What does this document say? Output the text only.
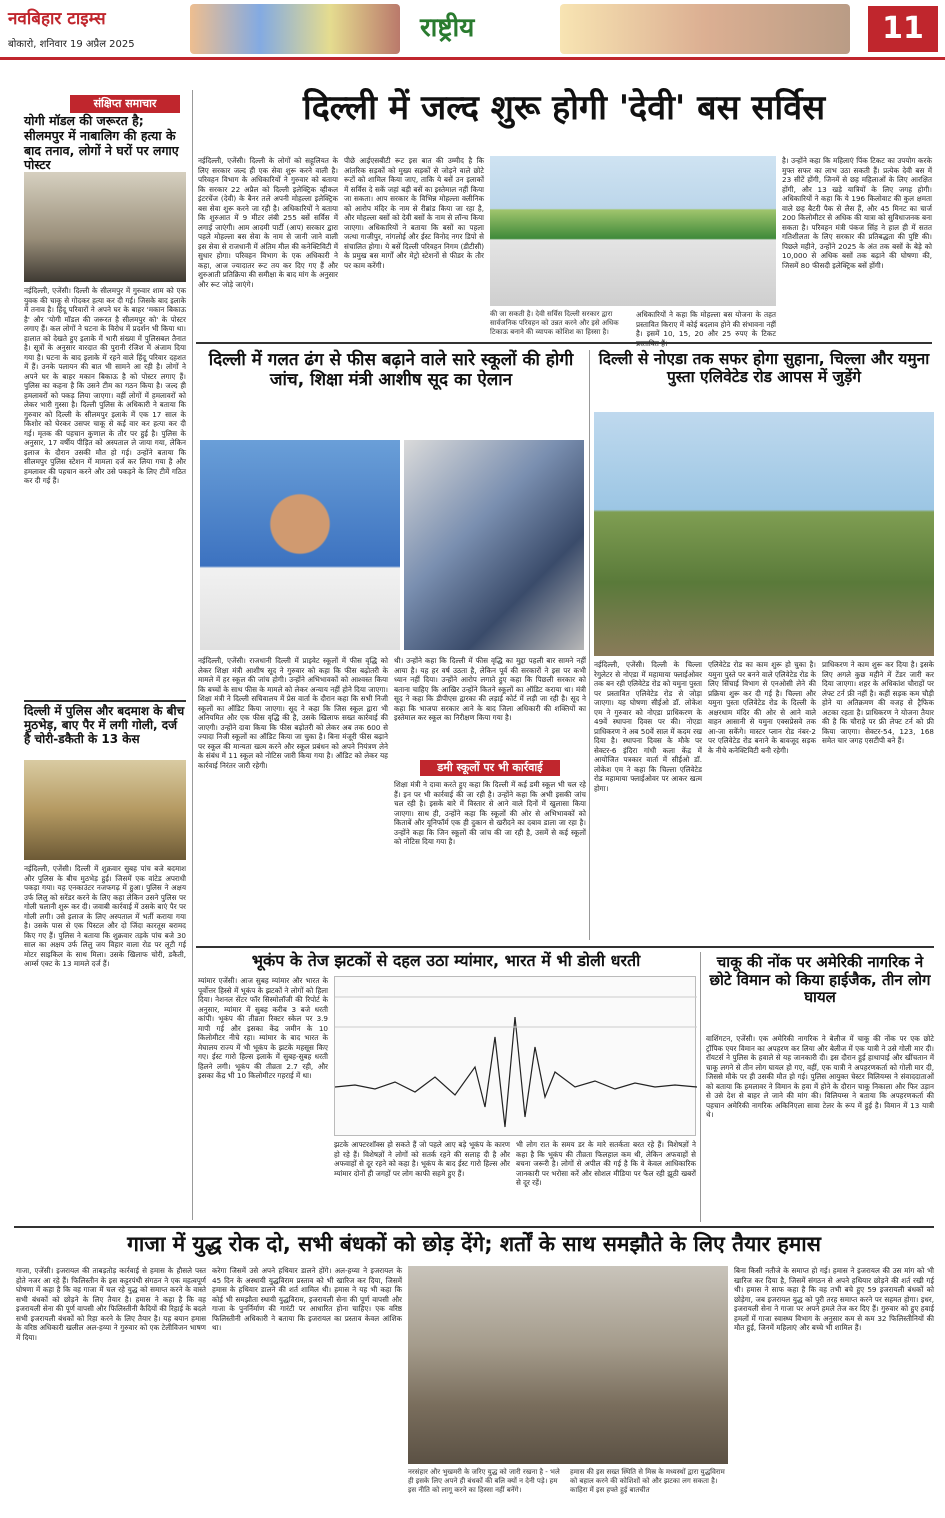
नवबिहार टाइम्स
बोकारो, शनिवार 19 अप्रैल 2025
राष्ट्रीय	11
संक्षिप्त समाचार
योगी मॉडल की जरूरत है; सीलमपुर में नाबालिग की हत्या के बाद तनाव, लोगों ने घरों पर लगाए पोस्टर
नईदिल्ली, एजेंसी। दिल्ली के सीलमपुर में गुरुवार शाम को एक युवक की चाकू से गोदकर हत्या कर दी गई। जिसके बाद इलाके में तनाव है। हिंदू परिवारों ने अपने घर के बाहर 'मकान बिकाऊ है' और 'योगी मॉडल की जरूरत है सीलमपुर को' के पोस्टर लगाए हैं। कल लोगों ने घटना के विरोध में प्रदर्शन भी किया था। हालात को देखते हुए इलाके में भारी संख्या में पुलिसबल तैनात है। सूत्रों के अनुसार वारदात की पुरानी रंजिश में अंजाम दिया गया है। घटना के बाद इलाके में रहने वाले हिंदू परिवार दहशत में हैं। उनके पलायन की बात भी सामने आ रही है। लोगों ने अपने घर के बाहर मकान बिकाऊ है को पोस्टर लगाए हैं। पुलिस का कहना है कि उसने टीम का गठन किया है। जल्द ही हमलावरों को पकड़ लिया जाएगा। वहीं लोगों में हमलावरों को लेकर भारी गुस्सा है। दिल्ली पुलिस के अधिकारी ने बताया कि गुरुवार को दिल्ली के सीलमपुर इलाके में एक 17 साल के किशोर को घेरकर उसपर चाकू से कई वार कर हत्या कर दी गई। मृतक की पहचान कुणाल के तौर पर हुई है। पुलिस के अनुसार, 17 वर्षीय पीड़ित को अस्पताल ले जाया गया, लेकिन इलाज के दौरान उसकी मौत हो गई। उन्होंने बताया कि सीलमपुर पुलिस स्टेशन में मामला दर्ज कर लिया गया है और हमलावर की पहचान करने और उसे पकड़ने के लिए टीमें गठित कर दी गई हैं।
दिल्ली में पुलिस और बदमाश के बीच मुठभेड़, बाए पैर में लगी गोली, दर्ज है चोरी-डकैती के 13 केस
नईदिल्ली, एजेंसी। दिल्ली में शुक्रवार सुबह पांच बजे बदमाश और पुलिस के बीच मुठभेड़ हुई। जिसमें एक वांटेड अपराधी पकड़ा गया। यह एनकाउंटर नजफगढ़ में हुआ। पुलिस ने अक्षय उर्फ लिलु को सरेंडर करने के लिए कहा लेकिन उसने पुलिस पर गोली चलानी शुरू कर दी। जवाबी कार्रवाई में उसके बाएं पैर पर गोली लगी। उसे इलाज के लिए अस्पताल में भर्ती कराया गया है। उसके पास से एक पिस्टल और दो जिंदा कारतूस बरामद किए गए हैं। पुलिस ने बताया कि शुक्रवार तड़के पांच बजे 30 साल का अक्षय उर्फ लिलु जय विहार वाला रोड पर लूटी गई मोटर साइकिल के साथ मिला। उसके खिलाफ चोरी, डकैती, आर्म्स एक्ट के 13 मामले दर्ज हैं।
दिल्ली में जल्द शुरू होगी 'देवी' बस सर्विस
नईदिल्ली, एजेंसी। दिल्ली के लोगों को सहूलियत के लिए सरकार जल्द ही एक सेवा शुरू करने वाली है। परिवहन विभाग के अधिकारियों ने गुरुवार को बताया कि सरकार 22 अप्रैल को दिल्ली इलेक्ट्रिक व्हीकल इंटरचेंज (देवी) के बैनर तले अपनी मोहल्ला इलेक्ट्रिक बस सेवा शुरू करने जा रही है। अधिकारियों ने बताया कि शुरुआत में 9 मीटर लंबी 255 बसें सर्विस में लगाई जाएंगी। आम आदमी पार्टी (आप) सरकार द्वारा पहले मोहल्ला बस सेवा के नाम से जानी जाने वाली इस सेवा से राजधानी में अंतिम मील की कनेक्टिविटी में सुधार होगा। परिवहन विभाग के एक अधिकारी ने कहा, आज ज्यादातर रूट तय कर दिए गए हैं और शुरुआती प्रतिक्रिया की समीक्षा के बाद मांग के अनुसार और रूट जोड़े जाएंगे।
पीछे आईएसबीटी रूट इस बात की उम्मीद है कि आंतरिक सड़कों को मुख्य सड़कों से जोड़ने वाले छोटे रूटों को शामिल किया जाए, ताकि ये बसें उन इलाकों में सर्विस दे सकें जहां बड़ी बसें का इस्तेमाल नहीं किया जा सकता। आप सरकार के विभिन्न मोहल्ला क्लीनिक को आरोप मंदिर के नाम से रीब्रांड किया जा रहा है, और मोहल्ला बसों को देवी बसों के नाम से लॉन्च किया जाएगा। अधिकारियों ने बताया कि बसों का पहला जत्था गाजीपुर, नांगलोई और ईस्ट विनोद नगर डिपो से संचालित होगा। ये बसें दिल्ली परिवहन निगम (डीटीसी) के प्रमुख बस मार्गों और मेट्रो स्टेशनों से फीडर के तौर पर काम करेंगी।
की जा सकती है। देवी सर्विस दिल्ली सरकार द्वारा सार्वजनिक परिवहन को उन्नत करने और इसे अधिक टिकाऊ बनाने की व्यापक कोशिश का हिस्सा है।
अधिकारियों ने कहा कि मोहल्ला बस योजना के तहत प्रस्तावित किराए में कोई बदलाव होने की संभावना नहीं है। इसमें 10, 15, 20 और 25 रुपए के टिकट
है। उन्होंने कहा कि महिलाएं पिंक टिकट का उपयोग करके मुफ्त सफर का लाभ उठा सकती हैं। प्रत्येक देवी बस में 23 सीटें होंगी, जिनमें से छह महिलाओं के लिए आरक्षित होंगी, और 13 खड़े यात्रियों के लिए जगह होगी। अधिकारियों ने कहा कि ये 196 किलोवाट की कुल क्षमता वाले छह बैटरी पैक से लैस हैं, और 45 मिनट का चार्ज 200 किलोमीटर से अधिक की यात्रा को सुविधाजनक बना सकता है। परिवहन मंत्री पंकज सिंह ने हाल ही में सतत गतिशीलता के लिए सरकार की प्रतिबद्धता की पुष्टि की। पिछले महीने, उन्होंने 2025 के अंत तक बसों के बेड़े को 10,000 से अधिक बसों तक बढ़ाने की घोषणा की, जिसमें 80 फीसदी इलेक्ट्रिक बसें होंगी।
दिल्ली में गलत ढंग से फीस बढ़ाने वाले सारे स्कूलों की होगी जांच, शिक्षा मंत्री आशीष सूद का ऐलान
नईदिल्ली, एजेंसी। राजधानी दिल्ली में प्राइवेट स्कूलों में फीस वृद्धि को लेकर शिक्षा मंत्री आशीष सूद ने गुरुवार को कहा कि फीस बढ़ोतरी के मामले में हर स्कूल की जांच होगी। उन्होंने अभिभावकों को आश्वस्त किया कि बच्चों के साथ फीस के मामले को लेकर अन्याय नहीं होने दिया जाएगा। शिक्षा मंत्री ने दिल्ली सचिवालय में प्रेस वार्ता के दौरान कहा कि सभी निजी स्कूलों का ऑडिट किया जाएगा। सूद ने कहा कि जिस स्कूल द्वारा भी अनियमित और एक फीस वृद्धि की है, उसके खिलाफ सख्त कार्रवाई की जाएगी। उन्होंने दावा किया कि फीस बढ़ोतरी को लेकर अब तक 600 से ज्यादा निजी स्कूलों का ऑडिट किया जा चुका है। बिना मंजूरी फीस बढ़ाने पर स्कूल की मान्यता खत्म करने और स्कूल प्रबंधन को अपने नियंत्रण लेने के संबंध में 11 स्कूल को नोटिस जारी किया गया है। ऑडिट को लेकर यह कार्रवाई निरंतर जारी रहेगी।
थी। उन्होंने कहा कि दिल्ली में फीस वृद्धि का मुद्दा पहली बार सामने नहीं आया है। यह हर वर्ष उठता है, लेकिन पूर्व की सरकारों ने इस पर कभी ध्यान नहीं दिया। उन्होंने आरोप लगाते हुए कहा कि पिछली सरकार को बताना चाहिए कि आखिर उन्होंने कितने स्कूलों का ऑडिट कराया था। मंत्री सूद ने कहा कि डीपीएस द्वारका की लड़ाई कोर्ट में लड़ी जा रही है। सूद ने कहा कि भाजपा सरकार आने के बाद जिला अधिकारी की शक्तियों का इस्तेमाल कर स्कूल का निरीक्षण किया गया है।
डमी स्कूलों पर भी कार्रवाई
शिक्षा मंत्री ने दावा करते हुए कहा कि दिल्ली में कई डमी स्कूल भी चल रहे हैं। इन पर भी कार्रवाई की जा रही है। उन्होंने कहा कि अभी इसकी जांच चल रही है। इसके बारे में विस्तार से आने वाले दिनों में खुलासा किया जाएगा। साथ ही, उन्होंने कहा कि स्कूलों की ओर से अभिभावकों को किताबें और यूनिफॉर्म एक ही दुकान से खरीदने का दबाव डाला जा रहा है। उन्होंने कहा कि जिन स्कूलों की जांच की जा रही है, उसमें से कई स्कूलों को नोटिस दिया गया है।
दिल्ली से नोएडा तक सफर होगा सुहाना, चिल्ला और यमुना पुस्ता एलिवेटेड रोड आपस में जुड़ेंगे
नईदिल्ली, एजेंसी। दिल्ली के चिल्ला रेगुलेटर से नोएडा में महामाया फ्लाईओवर तक बन रही एलिवेटेड रोड को यमुना पुस्ता पर प्रस्तावित एलिवेटेड रोड से जोड़ा जाएगा। यह घोषणा सीईओ डॉ. लोकेश एम ने गुरुवार को नोएडा प्राधिकरण के 49वें स्थापना दिवस पर की। नोएडा प्राधिकरण ने अब 50वें साल में कदम रख दिया है। स्थापना दिवस के मौके पर सेक्टर-6 इंदिरा गांधी कला केंद्र में आयोजित पत्रकार वार्ता में सीईओ डॉ. लोकेश एम ने कहा कि चिल्ला एलिवेटेड रोड महामाया फ्लाईओवर पर आकर खत्म होगा।
एलिवेटेड रोड का काम शुरू हो चुका है। यमुना पुस्ते पर बनने वाले एलिवेटेड रोड के लिए सिंचाई विभाग से एनओसी लेने की प्रक्रिया शुरू कर दी गई है। चिल्ला और यमुना पुस्ता एलिवेटेड रोड के दिल्ली के अक्षरधाम मंदिर की ओर से आने वाले वाहन आसानी से यमुना एक्सप्रेसवे तक आ-जा सकेंगे। मास्टर प्लान रोड नंबर-2 पर एलिवेटेड रोड बनाने के बावजूद सड़क के नीचे कनेक्टिविटी बनी रहेगी।
प्राधिकरण ने काम शुरू कर दिया है। इसके लिए अगले कुछ महीने में टेंडर जारी कर दिया जाएगा। शहर के अधिकांश चौराहों पर लेफ्ट टर्न फ्री नहीं है। कहीं सड़क कम चौड़ी होने या अतिक्रमण की वजह से ट्रैफिक अटका रहता है। प्राधिकरण ने योजना तैयार की है कि चौराहे पर फ्री लेफ्ट टर्न को फ्री किया जाएगा। सेक्टर-54, 123, 168 समेत चार जगह एसटीपी बने हैं।
भूकंप के तेज झटकों से दहल उठा म्यांमार, भारत में भी डोली धरती
म्यांमार एजेंसी। आज सुबह म्यांमार और भारत के पूर्वोत्तर हिस्से में भूकंप के झटकों ने लोगों को हिला दिया। नेशनल सेंटर फॉर सिस्मोलॉजी की रिपोर्ट के अनुसार, म्यांमार में सुबह करीब 3 बजे धरती कांपी। भूकंप की तीव्रता रिक्टर स्केल पर 3.9 मापी गई और इसका केंद्र जमीन के 10 किलोमीटर नीचे रहा। म्यांमार के बाद भारत के मेघालय राज्य में भी भूकंप के झटके महसूस किए गए। ईस्ट गारो हिल्स इलाके में सुबह-सुबह धरती हिलने लगी। भूकंप की तीव्रता 2.7 रही, और इसका केंद्र भी 10 किलोमीटर गहराई में था।
झटके आफ्टरशॉक्स हो सकते हैं जो पहले आए बड़े भूकंप के कारण हो रहे हैं। विशेषज्ञों ने लोगों को सतर्क रहने की सलाह दी है और अफवाहों से दूर रहने को कहा है। भूकंप के बाद ईस्ट गारो हिल्स और म्यांमार दोनों ही जगहों पर लोग काफी सहमे हुए हैं।
भी लोग रात के समय डर के मारे सतर्कता बरत रहे हैं। विशेषज्ञों ने कहा है कि भूकंप की तीव्रता फिलहाल कम थी, लेकिन अफवाहों से बचना जरूरी है। लोगों से अपील की गई है कि वे केवल आधिकारिक जानकारी पर भरोसा करें और सोशल मीडिया पर फैल रही झूठी खबरों से दूर रहें।
चाकू की नोंक पर अमेरिकी नागरिक ने छोटे विमान को किया हाईजैक, तीन लोग घायल
वाशिंगटन, एजेंसी। एक अमेरिकी नागरिक ने बेलीज में चाकू की नोंक पर एक छोटे ट्रॉपिक एयर विमान का अपहरण कर लिया और बेलीज में एक यात्री ने उसे गोली मार दी। रॉयटर्स ने पुलिस के हवाले से यह जानकारी दी। इस दौरान हुई हाथापाई और खींचतान में चाकू लगने से तीन लोग घायल हो गए, वहीं, एक यात्री ने अपहरणकर्ता को गोली मार दी, जिससे मौके पर ही उसकी मौत हो गई। पुलिस आयुक्त चेस्टर विलियम्स ने संवाददाताओं को बताया कि हमलावर ने विमान के हवा में होने के दौरान चाकू निकाला और फिर उड़ान से उसे देश से बाहर ले जाने की मांग की। विलियम्स ने बताया कि अपहरणकर्ता की पहचान अमेरिकी नागरिक अकिनिएला सावा टेलर के रूप में हुई है। विमान में 13 यात्री थे।
गाजा में युद्ध रोक दो, सभी बंधकों को छोड़ देंगे; शर्तों के साथ समझौते के लिए तैयार हमास
गाजा, एजेंसी। इजरायल की ताबड़तोड़ कार्रवाई से हमास के हौसले पस्त होते नजर आ रहे हैं। फिलिस्तीन के इस कट्टरपंथी संगठन ने एक महत्वपूर्ण घोषणा में कहा है कि वह गाजा में चल रहे युद्ध को समाप्त करने के वास्ते सभी बंधकों को छोड़ने के लिए तैयार है। हमास ने कहा है कि वह इजरायली सेना की पूर्ण वापसी और फिलिस्तीनी कैदियों की रिहाई के बदले सभी इजरायली बंधकों को रिहा करने के लिए तैयार है। यह बयान हमास के वरिष्ठ अधिकारी खलील अल-हय्या ने गुरुवार को एक टेलीविजन भाषण में दिया।
करेगा जिसमें उसे अपने हथियार डालने होंगे। अल-हय्या ने इजरायल के 45 दिन के अस्थायी युद्धविराम प्रस्ताव को भी खारिज कर दिया, जिसमें हमास के हथियार डालने की शर्त शामिल थी। हमास ने यह भी कहा कि कोई भी समझौता स्थायी युद्धविराम, इजरायली सेना की पूर्ण वापसी और गाजा के पुनर्निर्माण की गारंटी पर आधारित होना चाहिए। एक वरिष्ठ फिलिस्तीनी अधिकारी ने बताया कि इजरायल का प्रस्ताव केवल आंशिक था।
नरसंहार और भुखमरी के जरिए युद्ध को जारी रखना है - भले ही इसके लिए अपने ही बंधकों की बलि क्यों न देनी पड़े। हम इस नीति को लागू करने का हिस्सा नहीं बनेंगे।
हमास की इस सख्त स्थिति से मिस्र के मध्यस्थों द्वारा युद्धविराम को बहाल करने की कोशिशों को और झटका लग सकता है। काहिरा में इस हफ्ते हुई बातचीत
बिना किसी नतीजे के समाप्त हो गई। हमास ने इजरायल की उस मांग को भी खारिज कर दिया है, जिसमें संगठन से अपने हथियार छोड़ने की शर्त रखी गई थी। हमास ने साफ कहा है कि वह तभी बचे हुए 59 इजरायली बंधकों को छोड़ेगा, जब इजरायल युद्ध को पूरी तरह समाप्त करने पर सहमत होगा। इधर, इजरायली सेना ने गाजा पर अपने हमले तेज कर दिए हैं। गुरुवार को हुए हवाई हमलों में गाजा स्वास्थ्य विभाग के अनुसार कम से कम 32 फिलिस्तीनियों की मौत हुई, जिनमें महिलाएं और बच्चे भी शामिल हैं।
